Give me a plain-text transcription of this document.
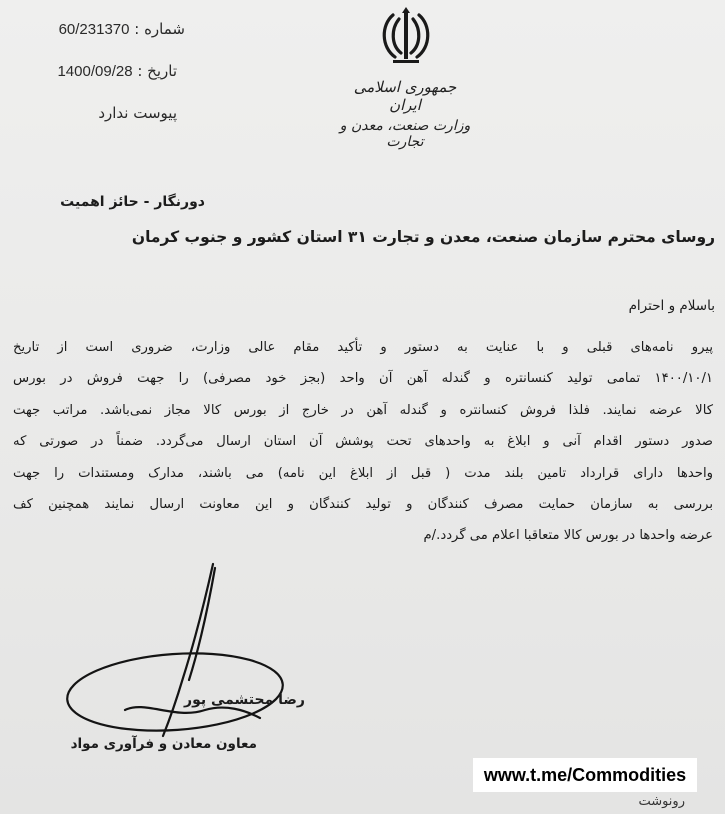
شماره : 60/231370
تاریخ : 1400/09/28
پیوست ندارد
جمهوری اسلامی ایران
وزارت صنعت، معدن و تجارت
دورنگار - حائز اهمیت
روسای محترم سازمان صنعت، معدن و تجارت ۳۱ استان کشور و جنوب کرمان
باسلام و احترام
پیرو نامه‌های قبلی و با عنایت به دستور و تأکید مقام عالی وزارت، ضروری است از تاریخ
۱۴۰۰/۱۰/۱ تمامی تولید کنسانتره و گندله آهن آن واحد (بجز خود مصرفی) را جهت فروش در بورس
کالا عرضه نمایند. فلذا فروش کنسانتره و گندله آهن در خارج از بورس کالا مجاز نمی‌باشد. مراتب جهت
صدور دستور اقدام آنی و ابلاغ به واحدهای تحت پوشش آن استان ارسال می‌گردد. ضمناً در صورتی که
واحدها دارای قرارداد تامین بلند مدت ( قبل از ابلاغ این نامه) می باشند، مدارک ومستندات را جهت
بررسی به سازمان حمایت مصرف کنندگان و تولید کنندگان و این معاونت ارسال نمایند همچنین کف
عرضه واحدها در بورس کالا متعاقبا اعلام می گردد./م
رضا محتشمی پور
معاون معادن و فرآوری مواد
www.t.me/Commodities
رونوشت
